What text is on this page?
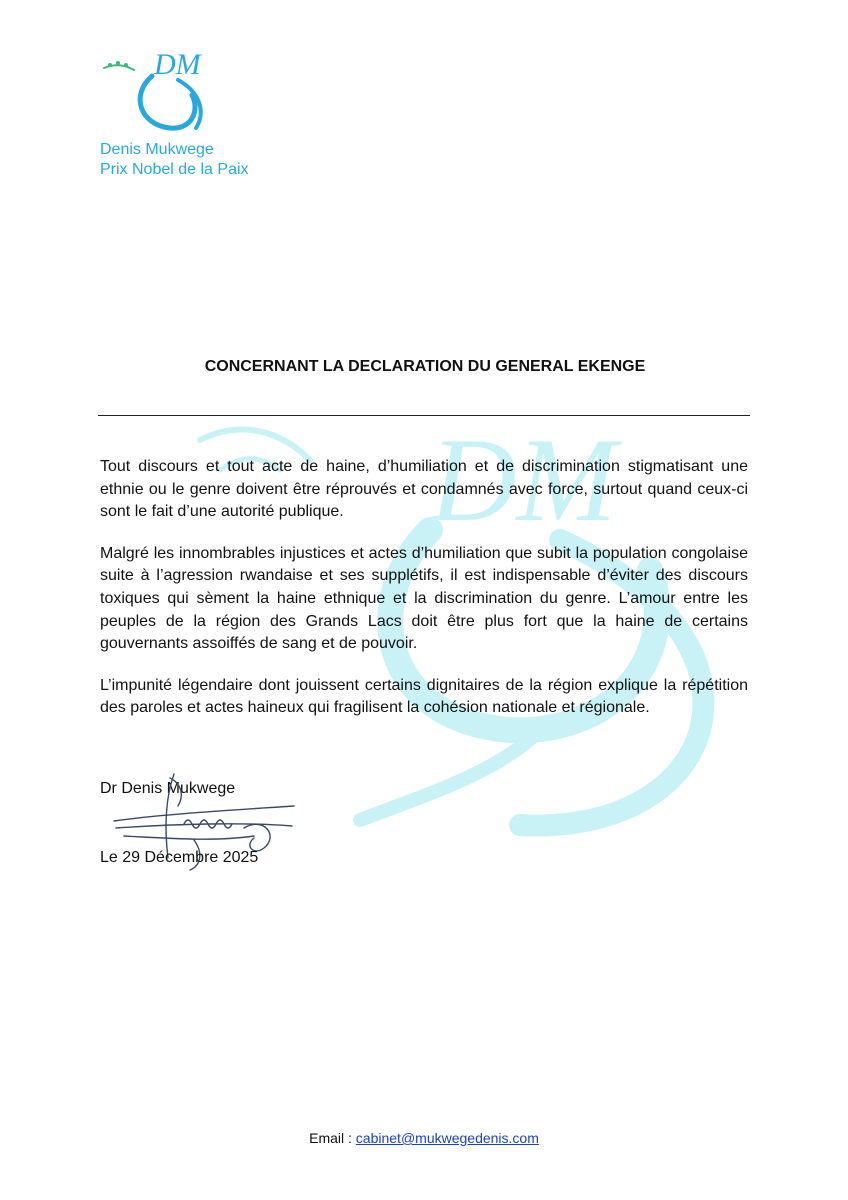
DM
DM
Denis Mukwege
Prix Nobel de la Paix
CONCERNANT LA DECLARATION DU GENERAL EKENGE

Tout discours et tout acte de haine, d’humiliation et de discrimination stigmatisant une ethnie ou le genre doivent être réprouvés et condamnés avec force, surtout quand ceux-ci sont le fait d’une autorité publique.

Malgré les innombrables injustices et actes d’humiliation que subit la population congolaise suite à l’agression rwandaise et ses supplétifs, il est indispensable d’éviter des discours toxiques qui sèment la haine ethnique et la discrimination du genre. L’amour entre les peuples de la région des Grands Lacs doit être plus fort que la haine de certains gouvernants assoiffés de sang et de pouvoir.

L’impunité légendaire dont jouissent certains dignitaires de la région explique la répétition des paroles et actes haineux qui fragilisent la cohésion nationale et régionale.

Dr Denis Mukwege
Le 29 Décembre 2025
Email : cabinet@mukwegedenis.com
